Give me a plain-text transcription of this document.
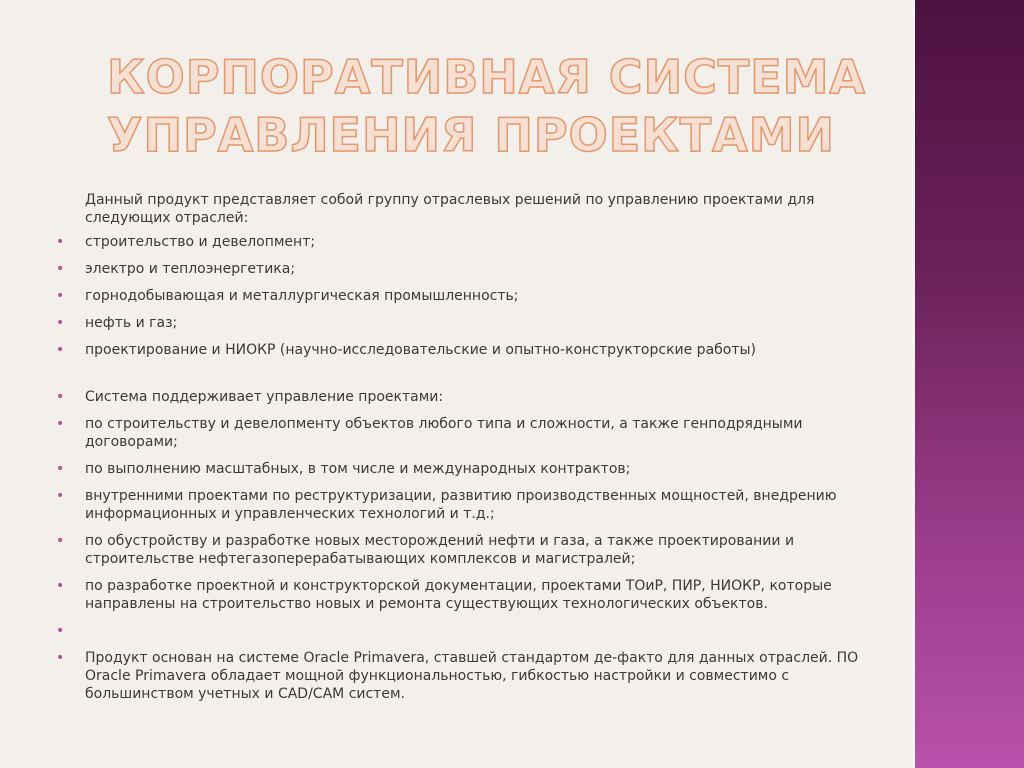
КОРПОРАТИВНАЯ СИСТЕМА
УПРАВЛЕНИЯ ПРОЕКТАМИ

Данный продукт представляет собой группу отраслевых решений по управлению проектами для следующих отраслей:

• строительство и девелопмент;
• электро и теплоэнергетика;
• горнодобывающая и металлургическая промышленность;
• нефть и газ;
• проектирование и НИОКР (научно-исследовательские и опытно-конструкторские работы)
• Система поддерживает управление проектами:
• по строительству и девелопменту объектов любого типа и сложности, а также генподрядными договорами;
• по выполнению масштабных, в том числе и международных контрактов;
• внутренними проектами по реструктуризации, развитию производственных мощностей, внедрению информационных и управленческих технологий и т.д.;
• по обустройству и разработке новых месторождений нефти и газа, а также проектировании и строительстве нефтегазоперерабатывающих комплексов и магистралей;
• по разработке проектной и конструкторской документации, проектами ТОиР, ПИР, НИОКР, которые направлены на строительство новых и ремонта существующих технологических объектов.
•
• Продукт основан на системе Oracle Primavera, ставшей стандартом де-факто для данных отраслей. ПО Oracle Primavera обладает мощной функциональностью, гибкостью настройки и совместимо с большинством учетных и CAD/CAM систем.
